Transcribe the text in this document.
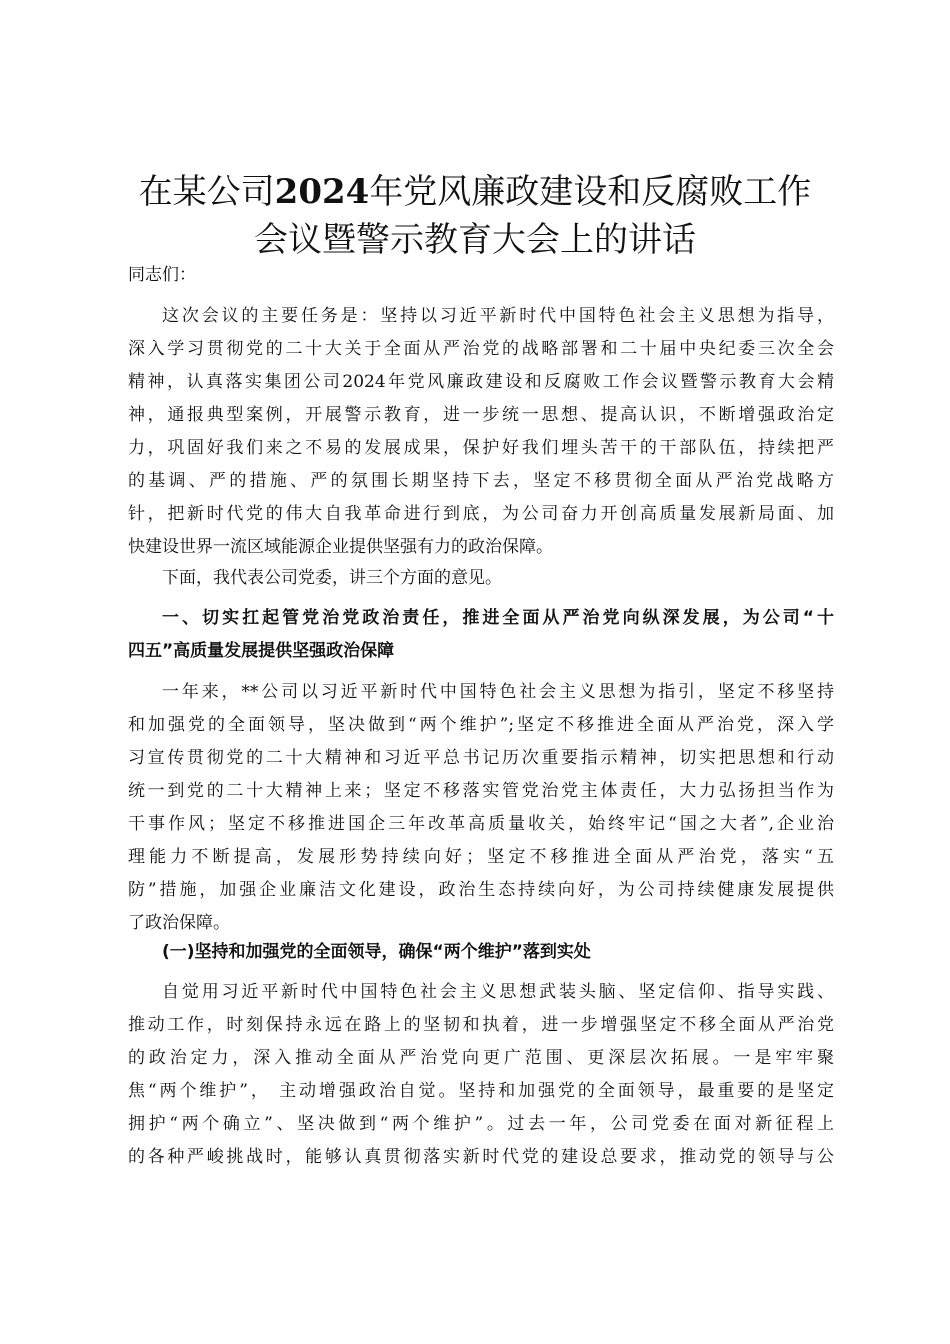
在某公司2024年党风廉政建设和反腐败工作
会议暨警示教育大会上的讲话

同志们：

这次会议的主要任务是：坚持以习近平新时代中国特色社会主义思想为指导，
深入学习贯彻党的二十大关于全面从严治党的战略部署和二十届中央纪委三次全会
精神，认真落实集团公司2024年党风廉政建设和反腐败工作会议暨警示教育大会精
神，通报典型案例，开展警示教育，进一步统一思想、提高认识，不断增强政治定
力，巩固好我们来之不易的发展成果，保护好我们埋头苦干的干部队伍，持续把严
的基调、严的措施、严的氛围长期坚持下去，坚定不移贯彻全面从严治党战略方
针，把新时代党的伟大自我革命进行到底，为公司奋力开创高质量发展新局面、加
快建设世界一流区域能源企业提供坚强有力的政治保障。
下面，我代表公司党委，讲三个方面的意见。
一、切实扛起管党治党政治责任，推进全面从严治党向纵深发展，为公司“十
四五”高质量发展提供坚强政治保障
一年来，**公司以习近平新时代中国特色社会主义思想为指引，坚定不移坚持
和加强党的全面领导，坚决做到“两个维护”;坚定不移推进全面从严治党，深入学
习宣传贯彻党的二十大精神和习近平总书记历次重要指示精神，切实把思想和行动
统一到党的二十大精神上来；坚定不移落实管党治党主体责任，大力弘扬担当作为
干事作风；坚定不移推进国企三年改革高质量收关，始终牢记“国之大者”,企业治
理能力不断提高，发展形势持续向好；坚定不移推进全面从严治党，落实“五
防”措施，加强企业廉洁文化建设，政治生态持续向好，为公司持续健康发展提供
了政治保障。
(一)坚持和加强党的全面领导，确保“两个维护”落到实处
自觉用习近平新时代中国特色社会主义思想武装头脑、坚定信仰、指导实践、
推动工作，时刻保持永远在路上的坚韧和执着，进一步增强坚定不移全面从严治党
的政治定力，深入推动全面从严治党向更广范围、更深层次拓展。一是牢牢聚
焦“两个维护”， 主动增强政治自觉。坚持和加强党的全面领导，最重要的是坚定
拥护“两个确立”、坚决做到“两个维护”。过去一年，公司党委在面对新征程上
的各种严峻挑战时，能够认真贯彻落实新时代党的建设总要求，推动党的领导与公
